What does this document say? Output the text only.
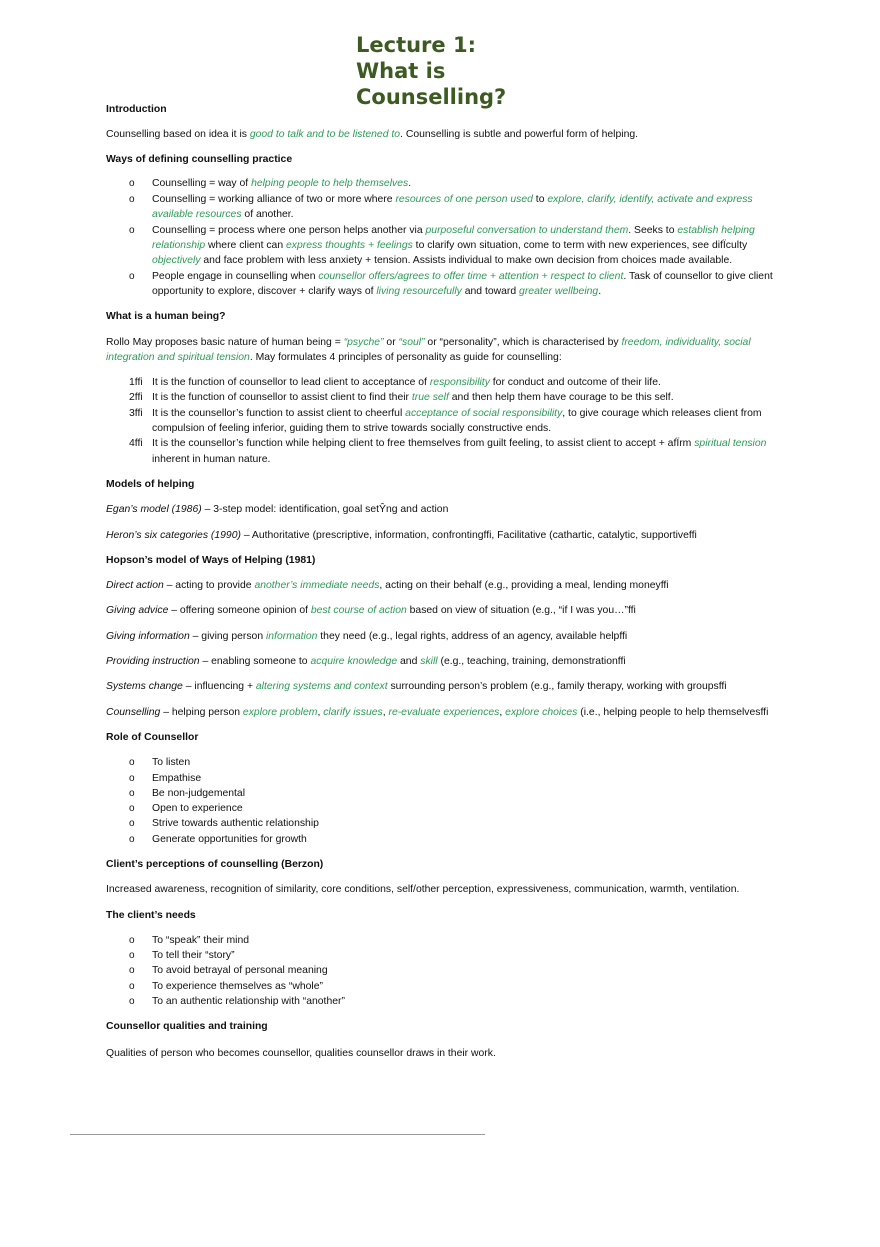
Lecture 1:
What is
Counselling?

Introduction

Counselling based on idea it is good to talk and to be listened to. Counselling is subtle and powerful form of helping.

Ways of defining counselling practice

o Counselling = way of helping people to help themselves.
o Counselling = working alliance of two or more where resources of one person used to explore, clarify, identify, activate and express available resources of another.
o Counselling = process where one person helps another via purposeful conversation to understand them. Seeks to establish helping relationship where client can express thoughts + feelings to clarify own situation, come to term with new experiences, see difÏculty objectively and face problem with less anxiety + tension. Assists individual to make own decision from choices made available.
o People engage in counselling when counsellor offers/agrees to offer time + attention + respect to client. Task of counsellor to give client opportunity to explore, discover + clarify ways of living resourcefully and toward greater wellbeing.

What is a human being?

Rollo May proposes basic nature of human being = “psyche” or “soul” or “personality”, which is characterised by freedom, individuality, social integration and spiritual tension. May formulates 4 principles of personality as guide for counselling:

1ffi It is the function of counsellor to lead client to acceptance of responsibility for conduct and outcome of their life.
2ffi It is the function of counsellor to assist client to find their true self and then help them have courage to be this self.
3ffi It is the counsellor’s function to assist client to cheerful acceptance of social responsibility, to give courage which releases client from compulsion of feeling inferior, guiding them to strive towards socially constructive ends.
4ffi It is the counsellor’s function while helping client to free themselves from guilt feeling, to assist client to accept + afÏrm spiritual tension inherent in human nature.

Models of helping

Egan’s model (1986) – 3-step model: identification, goal setŶng and action

Heron’s six categories (1990) – Authoritative (prescriptive, information, confrontingffi, Facilitative (cathartic, catalytic, supportiveffi

Hopson’s model of Ways of Helping (1981)

Direct action – acting to provide another’s immediate needs, acting on their behalf (e.g., providing a meal, lending moneyffi

Giving advice – offering someone opinion of best course of action based on view of situation (e.g., “if I was you…”ffi

Giving information – giving person information they need (e.g., legal rights, address of an agency, available helpffi

Providing instruction – enabling someone to acquire knowledge and skill (e.g., teaching, training, demonstrationffi

Systems change – influencing + altering systems and context surrounding person’s problem (e.g., family therapy, working with groupsffi

Counselling – helping person explore problem, clarify issues, re-evaluate experiences, explore choices (i.e., helping people to help themselvesffi

Role of Counsellor

o To listen
o Empathise
o Be non-judgemental
o Open to experience
o Strive towards authentic relationship
o Generate opportunities for growth

Client’s perceptions of counselling (Berzon)

Increased awareness, recognition of similarity, core conditions, self/other perception, expressiveness, communication, warmth, ventilation.

The client’s needs

o To “speak” their mind
o To tell their “story”
o To avoid betrayal of personal meaning
o To experience themselves as “whole”
o To an authentic relationship with “another”

Counsellor qualities and training

Qualities of person who becomes counsellor, qualities counsellor draws in their work.
